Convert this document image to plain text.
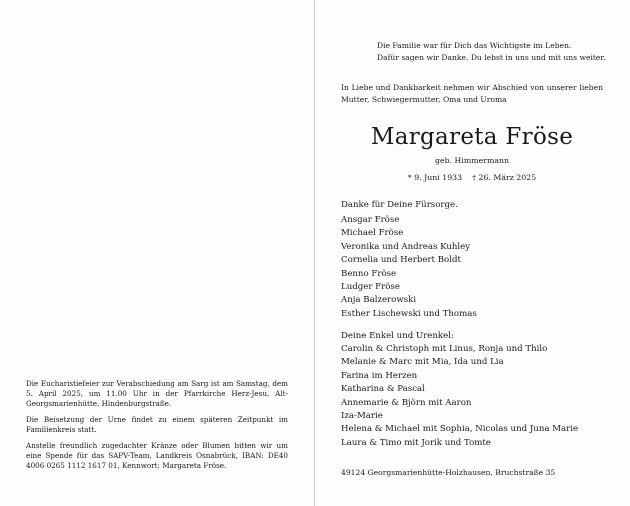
Die Eucharistiefeier zur Verabschiedung am Sarg ist am Samstag, dem 5. April 2025, um 11.00 Uhr in der Pfarrkirche Herz-Jesu, Alt-Georgsmarienhütte, Hindenburgstraße.

Die Beisetzung der Urne findet zu einem späteren Zeitpunkt im Familienkreis statt.

Anstelle freundlich zugedachter Kränze oder Blumen bitten wir um eine Spende für das SAPV-Team, Landkreis Osnabrück, IBAN: DE40 4006 0265 1112 1617 01, Kennwort: Margareta Fröse.

Die Familie war für Dich das Wichtigste im Leben.
Dafür sagen wir Danke. Du lebst in uns und mit uns weiter.
In Liebe und Dankbarkeit nehmen wir Abschied von unserer lieben Mutter, Schwiegermutter, Oma und Uroma
Margareta Fröse
geb. Himmermann
* 9. Juni 1933 † 26. März 2025
Danke für Deine Fürsorge.
Ansgar Fröse
Michael Fröse
Veronika und Andreas Kuhley
Cornelia und Herbert Boldt
Benno Fröse
Ludger Fröse
Anja Balzerowski
Esther Lischewski und Thomas
Deine Enkel und Urenkel:
Carolin & Christoph mit Linus, Ronja und Thilo
Melanie & Marc mit Mia, Ida und Lia
Farina im Herzen
Katharina & Pascal
Annemarie & Björn mit Aaron
Iza-Marie
Helena & Michael mit Sophia, Nicolas und Juna Marie
Laura & Timo mit Jorik und Tomte
49124 Georgsmarienhütte-Holzhausen, Bruchstraße 35
